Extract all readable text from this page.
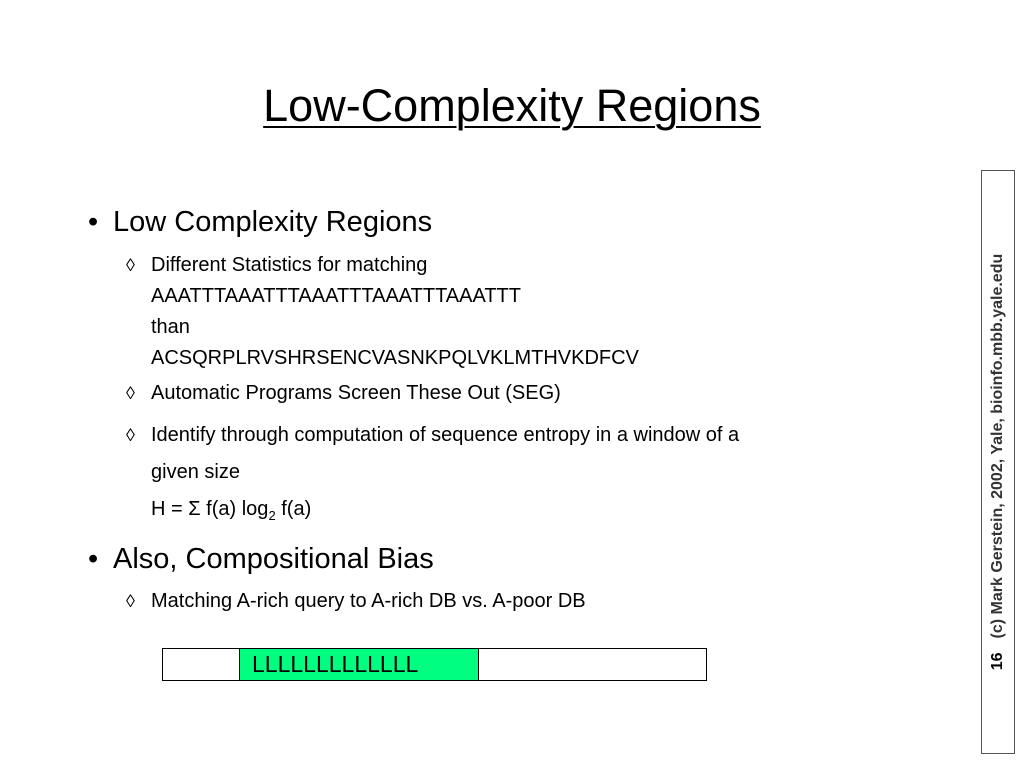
Low-Complexity Regions
• Low Complexity Regions
◊ Different Statistics for matching
AAATTTAAATTTAAATTTAAATTTAAATTT
than
ACSQRPLRVSHRSENCVASNKPQLVKLMTHVKDFCV
◊ Automatic Programs Screen These Out (SEG)
◊ Identify through computation of sequence entropy in a window of a
given size
H = Σ f(a) $\log_2 f(a)$
• Also, Compositional Bias
◊ Matching A-rich query to A-rich DB vs. A-poor DB
LLLLLLLLLLLLL	16(c) Mark Gerstein, 2002, Yale, bioinfo.mbb.yale.edu
